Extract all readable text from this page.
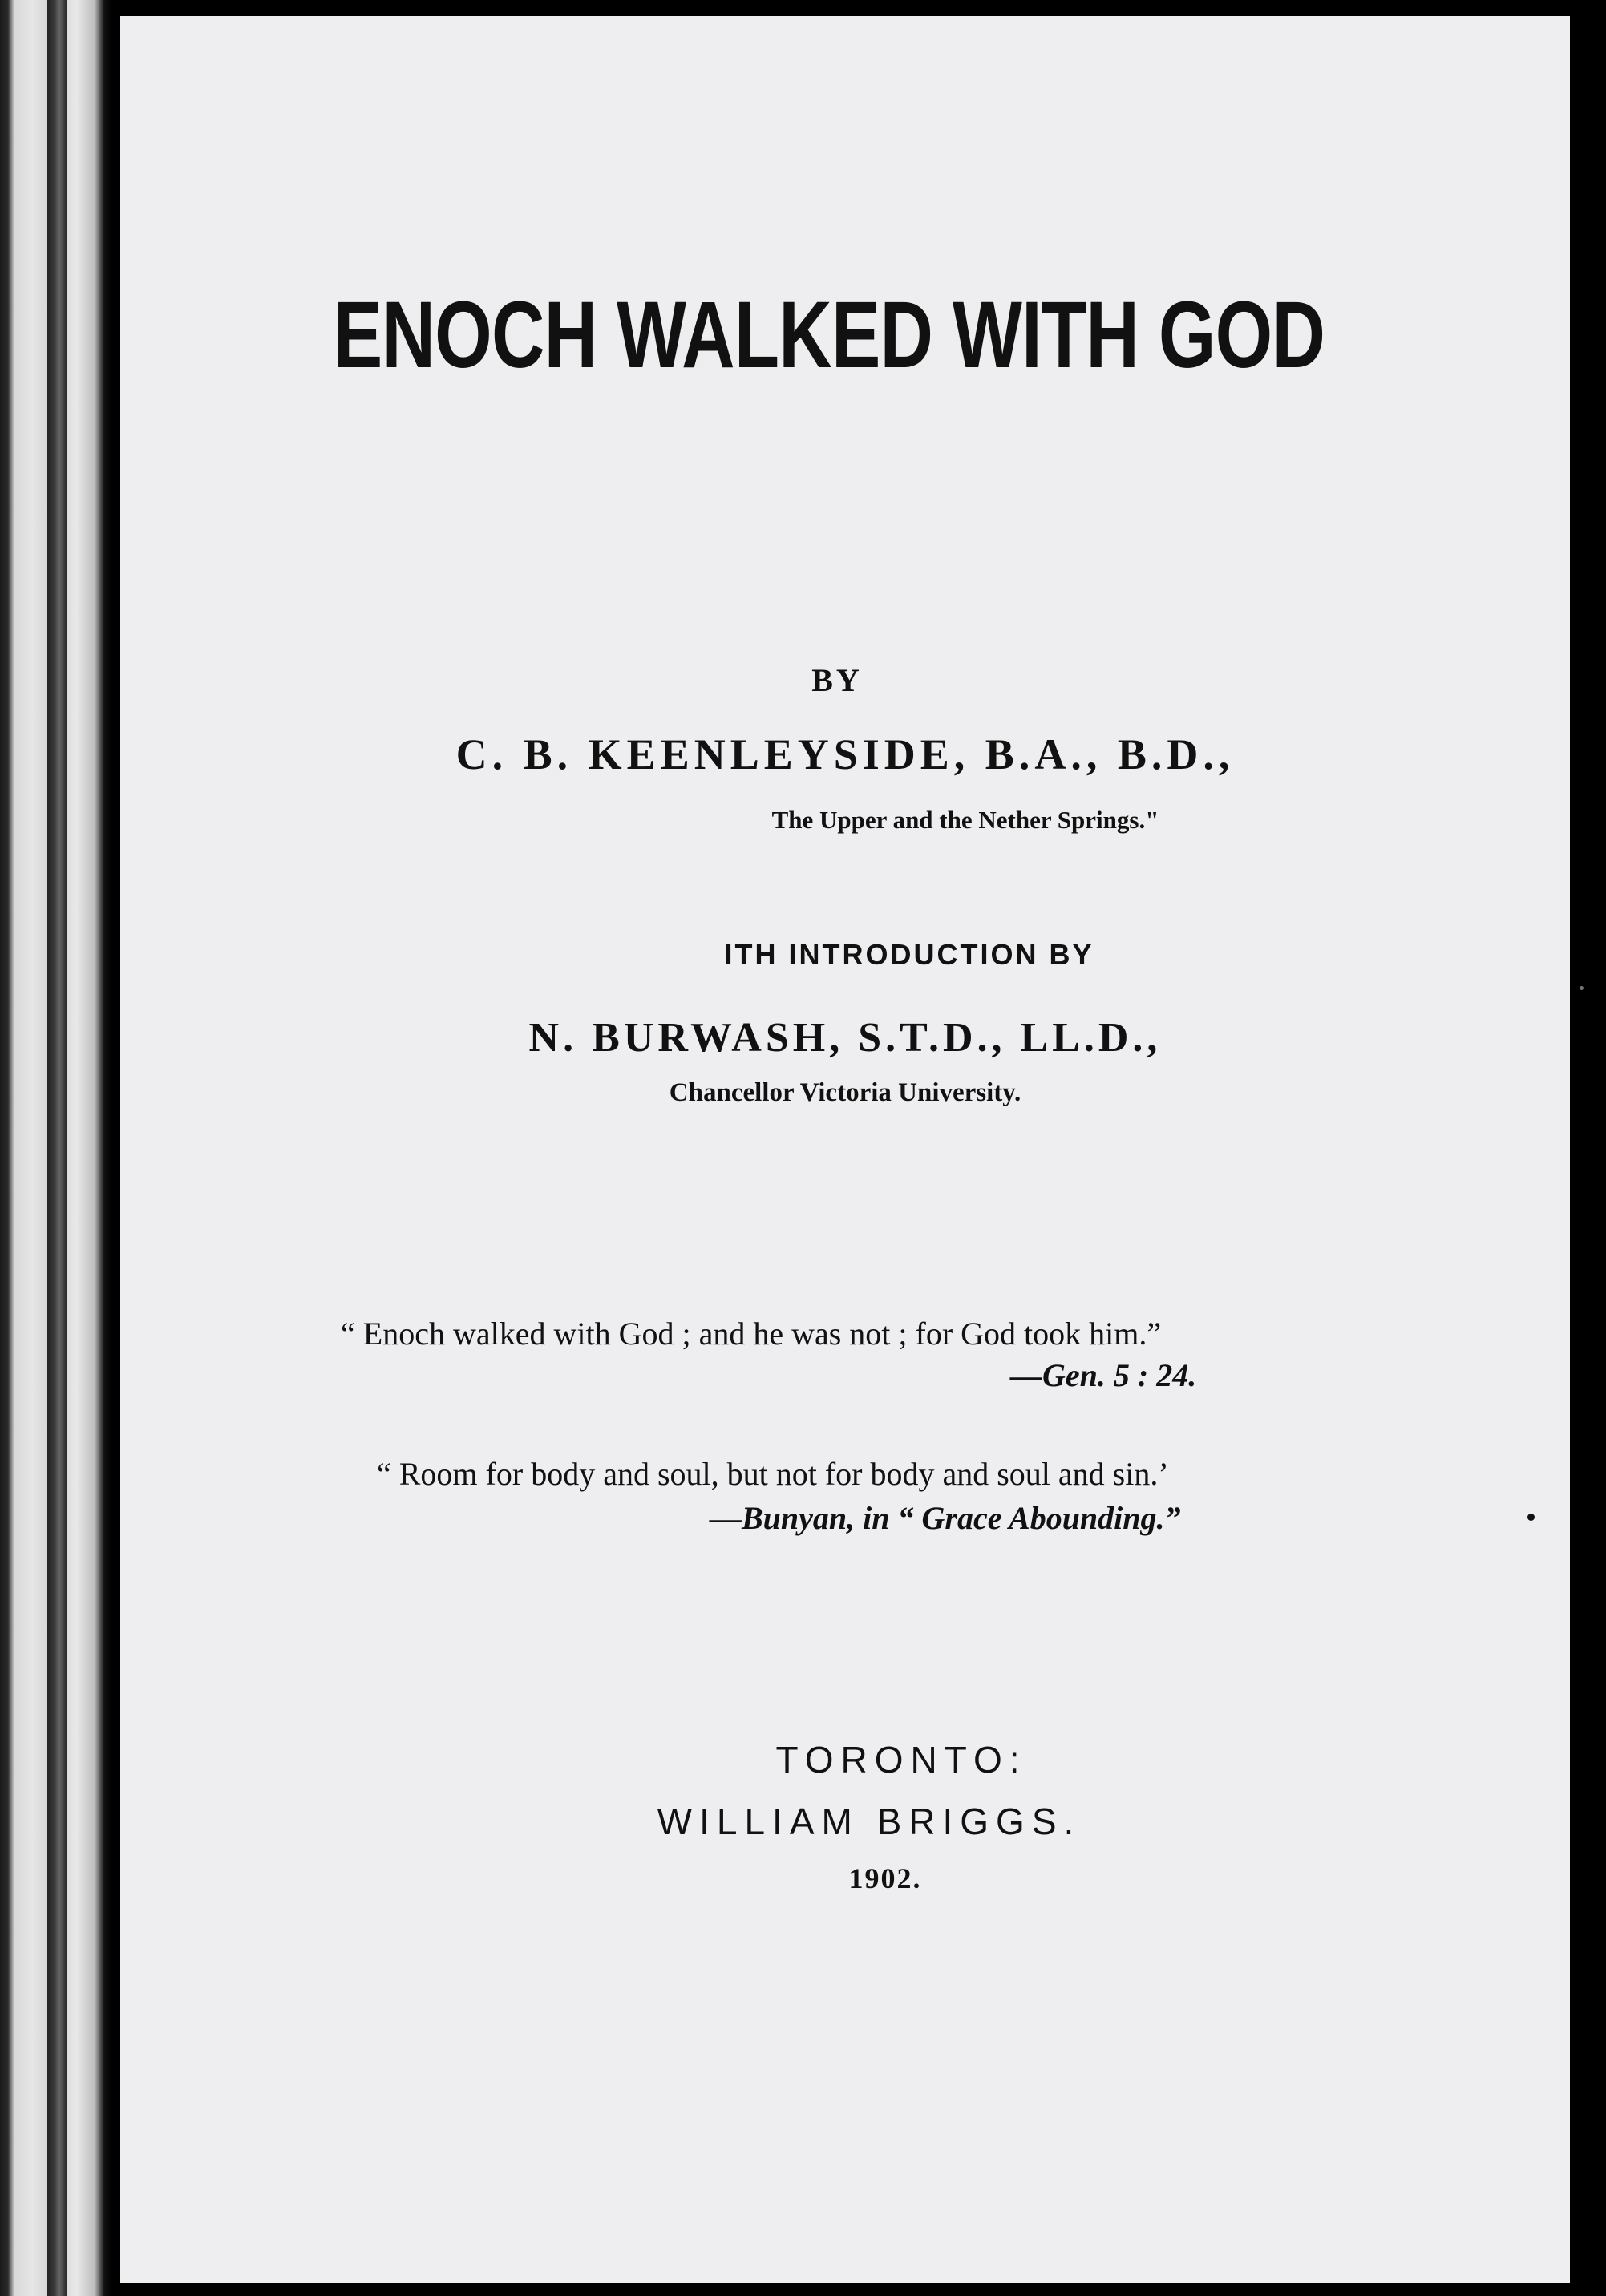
ENOCH WALKED WITH GOD
BY
C. B. KEENLEYSIDE, B.A., B.D.,
The Upper and the Nether Springs."
ITH INTRODUCTION BY
N. BURWASH, S.T.D., LL.D.,
Chancellor Victoria University.
“ Enoch walked with God ; and he was not ; for God took him.”
—Gen. 5 : 24.
“ Room for body and soul, but not for body and soul and sin.’
—Bunyan, in “ Grace Abounding.”
TORONTO:
WILLIAM BRIGGS.
1902.
